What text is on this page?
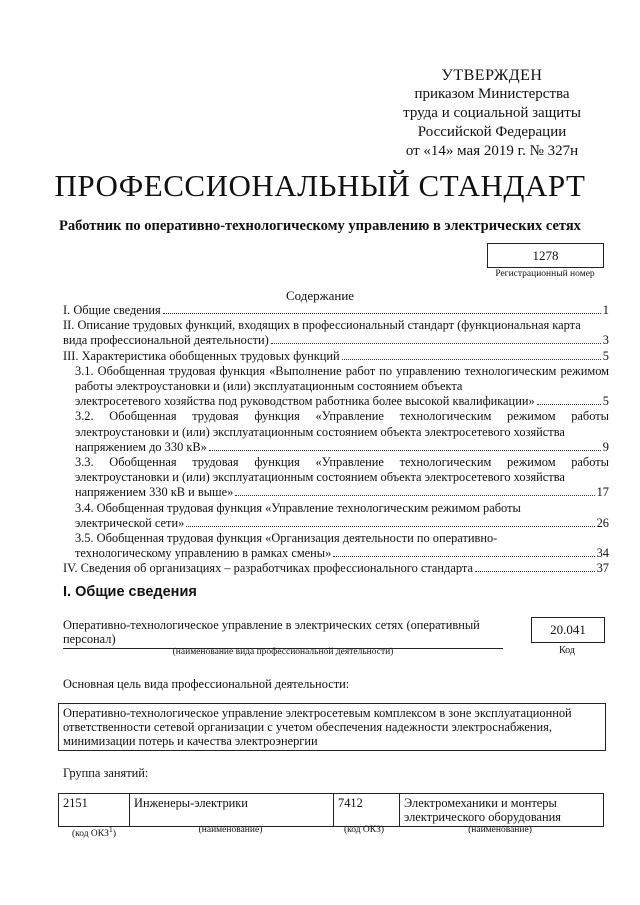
УТВЕРЖДЕН
приказом Министерства
труда и социальной защиты
Российской Федерации
от «14» мая 2019 г. № 327н
ПРОФЕССИОНАЛЬНЫЙ СТАНДАРТ
Работник по оперативно-технологическому управлению в электрических сетях
1278
Регистрационный номер
Содержание
I. Общие сведения	1
II. Описание трудовых функций, входящих в профессиональный стандарт (функциональная карта
вида профессиональной деятельности)	3
III. Характеристика обобщенных трудовых функций	5
3.1. Обобщенная трудовая функция «Выполнение работ по управлению технологическим режимом работы электроустановки и (или) эксплуатационным состоянием объекта
электросетевого хозяйства под руководством работника более высокой квалификации»	5
3.2. Обобщенная трудовая функция «Управление технологическим режимом работы электроустановки и (или) эксплуатационным состоянием объекта электросетевого хозяйства
напряжением до 330 кВ»	9
3.3. Обобщенная трудовая функция «Управление технологическим режимом работы электроустановки и (или) эксплуатационным состоянием объекта электросетевого хозяйства
напряжением 330 кВ и выше»	17
3.4. Обобщенная трудовая функция «Управление технологическим режимом работы
электрической сети»	26
3.5. Обобщенная трудовая функция «Организация деятельности по оперативно-
технологическому управлению в рамках смены»	34
IV. Сведения об организациях – разработчиках профессионального стандарта	37
I. Общие сведения
Оперативно-технологическое управление в электрических сетях (оперативный персонал)
20.041
(наименование вида профессиональной деятельности)	Код
Основная цель вида профессиональной деятельности:
Оперативно-технологическое управление электросетевым комплексом в зоне эксплуатационной ответственности сетевой организации с учетом обеспечения надежности электроснабжения, минимизации потерь и качества электроэнергии
Группа занятий:
2151	Инженеры-электрики	7412	Электромеханики и монтеры электрического оборудования
(код ОКЗ$^1$)	(наименование)	(код ОКЗ)	(наименование)
